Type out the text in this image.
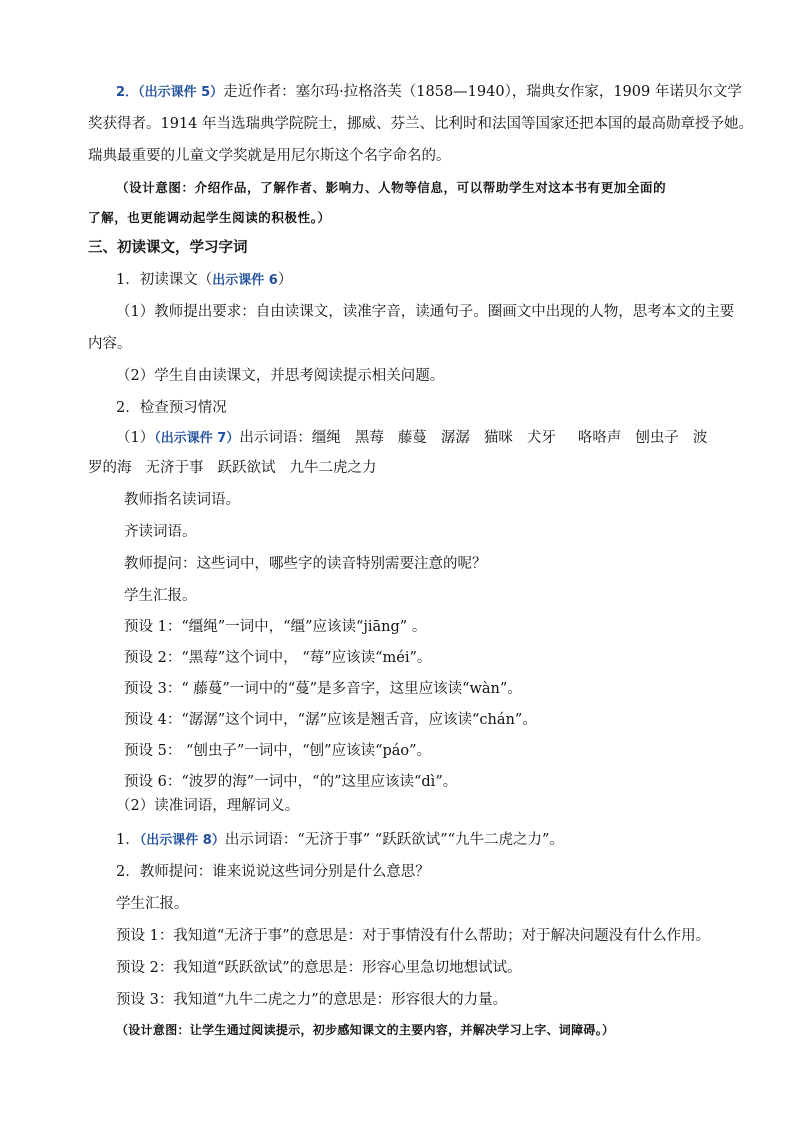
2．（出示课件 5）走近作者：塞尔玛·拉格洛芙（1858—1940），瑞典女作家，1909 年诺贝尔文学
奖获得者。1914 年当选瑞典学院院士，挪威、芬兰、比利时和法国等国家还把本国的最高勋章授予她。
瑞典最重要的儿童文学奖就是用尼尔斯这个名字命名的。
（设计意图：介绍作品，了解作者、影响力、人物等信息，可以帮助学生对这本书有更加全面的
了解，也更能调动起学生阅读的积极性。）
三、初读课文，学习字词
1．初读课文（出示课件 6）
（1）教师提出要求：自由读课文，读准字音，读通句子。圈画文中出现的人物，思考本文的主要
内容。
（2）学生自由读课文，并思考阅读提示相关问题。
2．检查预习情况
（1）（出示课件 7）出示词语：缰绳 黑莓 藤蔓 潺潺 猫咪 犬牙 咯咯声 刨虫子 波
罗的海 无济于事 跃跃欲试 九牛二虎之力
教师指名读词语。
齐读词语。
教师提问：这些词中，哪些字的读音特别需要注意的呢？
学生汇报。
预设 1：“缰绳”一词中，“缰”应该读“jiāng” 。
预设 2：“黑莓”这个词中， “莓”应该读“méi”。
预设 3：“ 藤蔓”一词中的“蔓”是多音字，这里应该读“wàn”。
预设 4：“潺潺”这个词中，“潺”应该是翘舌音，应该读“chán”。
预设 5： “刨虫子”一词中，“刨”应该读“páo”。
预设 6：“波罗的海”一词中，“的”这里应该读“dì”。
（2）读准词语，理解词义。
1．（出示课件 8）出示词语：“无济于事” “跃跃欲试”“九牛二虎之力”。
2．教师提问：谁来说说这些词分别是什么意思？
学生汇报。
预设 1：我知道“无济于事”的意思是：对于事情没有什么帮助；对于解决问题没有什么作用。
预设 2：我知道“跃跃欲试”的意思是：形容心里急切地想试试。
预设 3：我知道“九牛二虎之力”的意思是：形容很大的力量。
（设计意图：让学生通过阅读提示，初步感知课文的主要内容，并解决学习上字、词障碍。）
